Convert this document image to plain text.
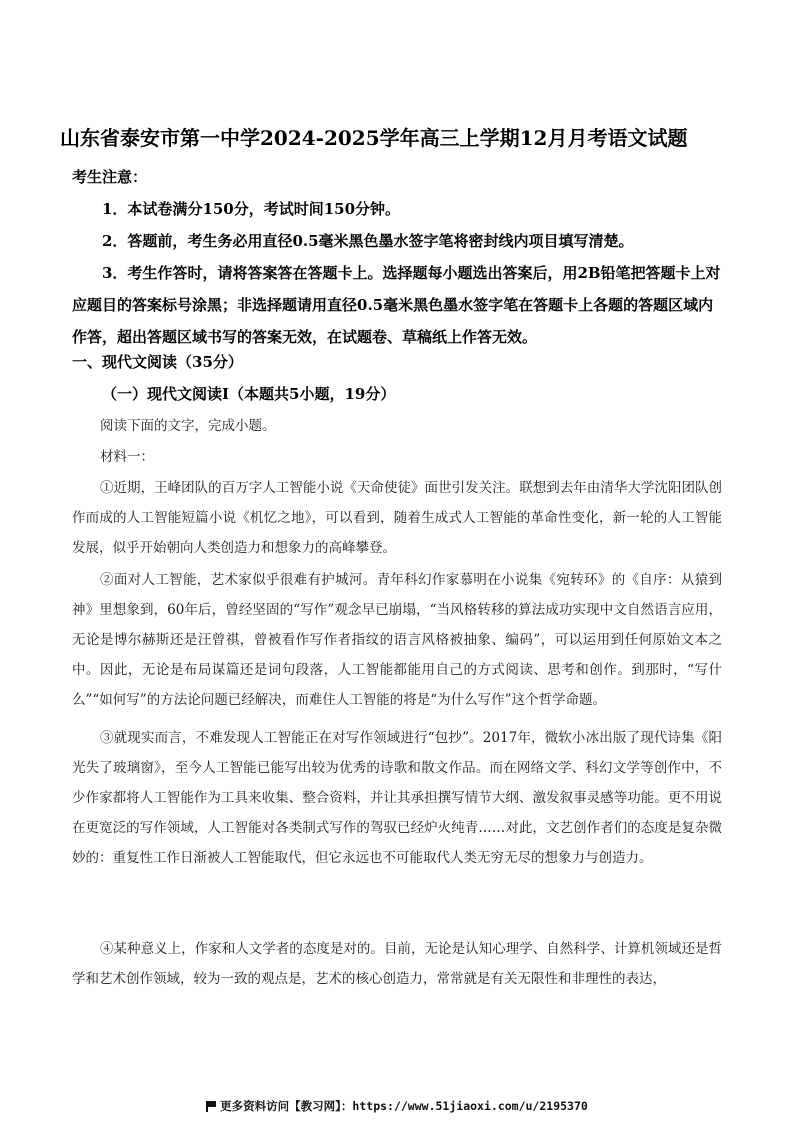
山东省泰安市第一中学2024-2025学年高三上学期12月月考语文试题
考生注意：
1．本试卷满分150分，考试时间150分钟。
2．答题前，考生务必用直径0.5毫米黑色墨水签字笔将密封线内项目填写清楚。
3．考生作答时，请将答案答在答题卡上。选择题每小题选出答案后，用2B铅笔把答题卡上对应题目的答案标号涂黑；非选择题请用直径0.5毫米黑色墨水签字笔在答题卡上各题的答题区域内作答，超出答题区域书写的答案无效，在试题卷、草稿纸上作答无效。
一、现代文阅读（35分）
（一）现代文阅读Ⅰ（本题共5小题，19分）
阅读下面的文字，完成小题。
材料一：
①近期，王峰团队的百万字人工智能小说《天命使徒》面世引发关注。联想到去年由清华大学沈阳团队创作而成的人工智能短篇小说《机忆之地》，可以看到，随着生成式人工智能的革命性变化，新一轮的人工智能发展，似乎开始朝向人类创造力和想象力的高峰攀登。
②面对人工智能，艺术家似乎很难有护城河。青年科幻作家慕明在小说集《宛转环》的《自序：从猿到神》里想象到，60年后，曾经坚固的“写作”观念早已崩塌，“当风格转移的算法成功实现中文自然语言应用，无论是博尔赫斯还是汪曾祺，曾被看作写作者指纹的语言风格被抽象、编码”，可以运用到任何原始文本之中。因此，无论是布局谋篇还是词句段落，人工智能都能用自己的方式阅读、思考和创作。到那时，“写什么”“如何写”的方法论问题已经解决，而难住人工智能的将是“为什么写作”这个哲学命题。
③就现实而言，不难发现人工智能正在对写作领域进行“包抄”。2017年，微软小冰出版了现代诗集《阳光失了玻璃窗》，至今人工智能已能写出较为优秀的诗歌和散文作品。而在网络文学、科幻文学等创作中，不少作家都将人工智能作为工具来收集、整合资料，并让其承担撰写情节大纲、激发叙事灵感等功能。更不用说在更宽泛的写作领域，人工智能对各类制式写作的驾驭已经炉火纯青……对此，文艺创作者们的态度是复杂微妙的：重复性工作日渐被人工智能取代，但它永远也不可能取代人类无穷无尽的想象力与创造力。
④某种意义上，作家和人文学者的态度是对的。目前，无论是认知心理学、自然科学、计算机领域还是哲学和艺术创作领域，较为一致的观点是，艺术的核心创造力，常常就是有关无限性和非理性的表达，
更多资料访问【教习网】：https://www.51jiaoxi.com/u/2195370
